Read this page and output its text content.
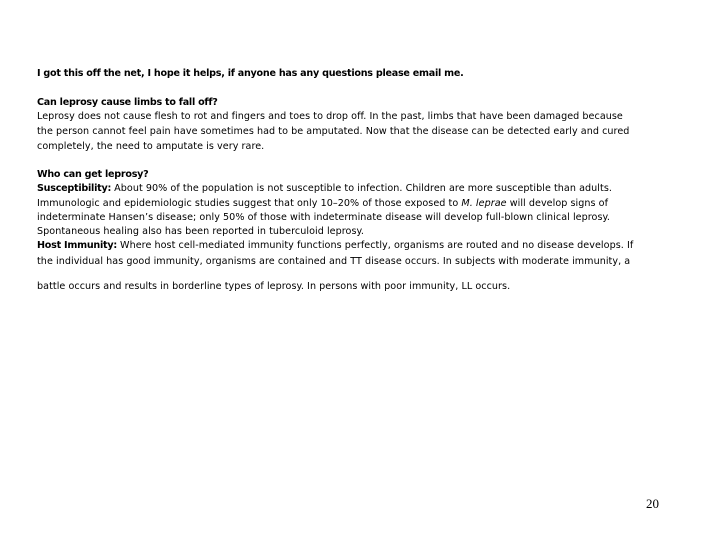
I got this off the net, I hope it helps, if anyone has any questions please email me.
Can leprosy cause limbs to fall off?
Leprosy does not cause flesh to rot and fingers and toes to drop off. In the past, limbs that have been damaged because
the person cannot feel pain have sometimes had to be amputated. Now that the disease can be detected early and cured
completely, the need to amputate is very rare.
Who can get leprosy?
Susceptibility: About 90% of the population is not susceptible to infection. Children are more susceptible than adults.
Immunologic and epidemiologic studies suggest that only 10–20% of those exposed to M. leprae will develop signs of
indeterminate Hansen’s disease; only 50% of those with indeterminate disease will develop full-blown clinical leprosy.
Spontaneous healing also has been reported in tuberculoid leprosy.
Host Immunity: Where host cell-mediated immunity functions perfectly, organisms are routed and no disease develops. If
the individual has good immunity, organisms are contained and TT disease occurs. In subjects with moderate immunity, a
battle occurs and results in borderline types of leprosy. In persons with poor immunity, LL occurs.
20
